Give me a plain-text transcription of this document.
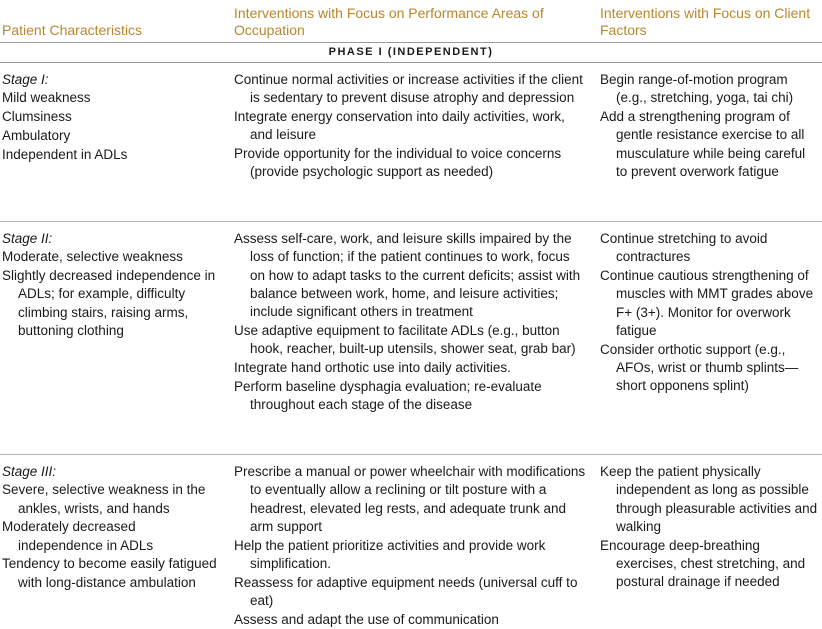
Patient Characteristics
Interventions with Focus on Performance Areas of Occupation
Interventions with Focus on Client Factors
PHASE I (INDEPENDENT)
Stage I:
Mild weakness
Clumsiness
Ambulatory
Independent in ADLs
Continue normal activities or increase activities if the client is sedentary to prevent disuse atrophy and depression
Integrate energy conservation into daily activities, work, and leisure
Provide opportunity for the individual to voice concerns (provide psychologic support as needed)
Begin range-of-motion program (e.g., stretching, yoga, tai chi)
Add a strengthening program of gentle resistance exercise to all musculature while being careful to prevent overwork fatigue
Stage II:
Moderate, selective weakness
Slightly decreased independence in ADLs; for example, difficulty climbing stairs, raising arms, buttoning clothing
Assess self-care, work, and leisure skills impaired by the loss of function; if the patient continues to work, focus on how to adapt tasks to the current deficits; assist with balance between work, home, and leisure activities; include significant others in treatment
Use adaptive equipment to facilitate ADLs (e.g., button hook, reacher, built-up utensils, shower seat, grab bar)
Integrate hand orthotic use into daily activities.
Perform baseline dysphagia evaluation; re-evaluate throughout each stage of the disease
Continue stretching to avoid contractures
Continue cautious strengthening of muscles with MMT grades above F+ (3+). Monitor for overwork fatigue
Consider orthotic support (e.g., AFOs, wrist or thumb splints—short opponens splint)
Stage III:
Severe, selective weakness in the ankles, wrists, and hands
Moderately decreased independence in ADLs
Tendency to become easily fatigued with long-distance ambulation
Prescribe a manual or power wheelchair with modifications to eventually allow a reclining or tilt posture with a headrest, elevated leg rests, and adequate trunk and arm support
Help the patient prioritize activities and provide work simplification.
Reassess for adaptive equipment needs (universal cuff to eat)
Assess and adapt the use of communication
Keep the patient physically independent as long as possible through pleasurable activities and walking
Encourage deep-breathing exercises, chest stretching, and postural drainage if needed
